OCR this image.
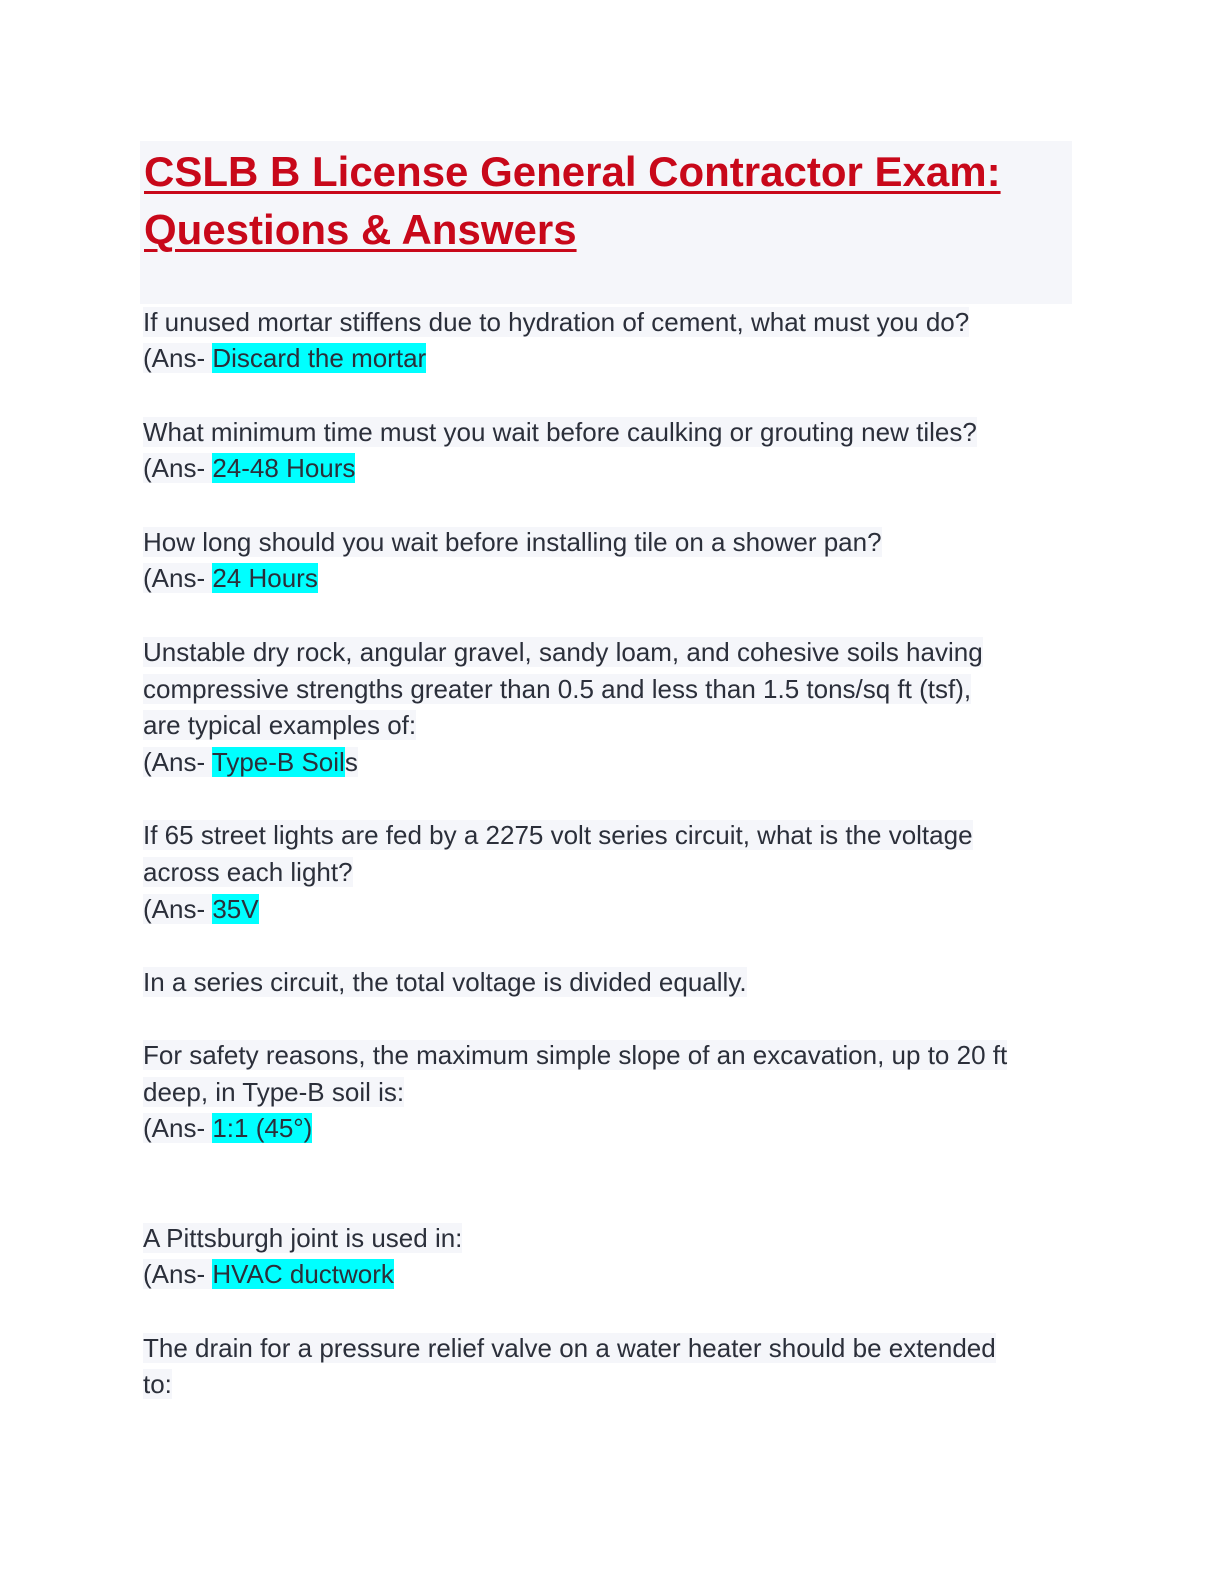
CSLB B License General Contractor Exam:
Questions & Answers
If unused mortar stiffens due to hydration of cement, what must you do?
(Ans- Discard the mortar
What minimum time must you wait before caulking or grouting new tiles?
(Ans- 24-48 Hours
How long should you wait before installing tile on a shower pan?
(Ans- 24 Hours
Unstable dry rock, angular gravel, sandy loam, and cohesive soils having
compressive strengths greater than 0.5 and less than 1.5 tons/sq ft (tsf),
are typical examples of:
(Ans- Type-B Soils
If 65 street lights are fed by a 2275 volt series circuit, what is the voltage
across each light?
(Ans- 35V
In a series circuit, the total voltage is divided equally.
For safety reasons, the maximum simple slope of an excavation, up to 20 ft
deep, in Type-B soil is:
(Ans- 1:1 (45°)
A Pittsburgh joint is used in:
(Ans- HVAC ductwork
The drain for a pressure relief valve on a water heater should be extended
to:
